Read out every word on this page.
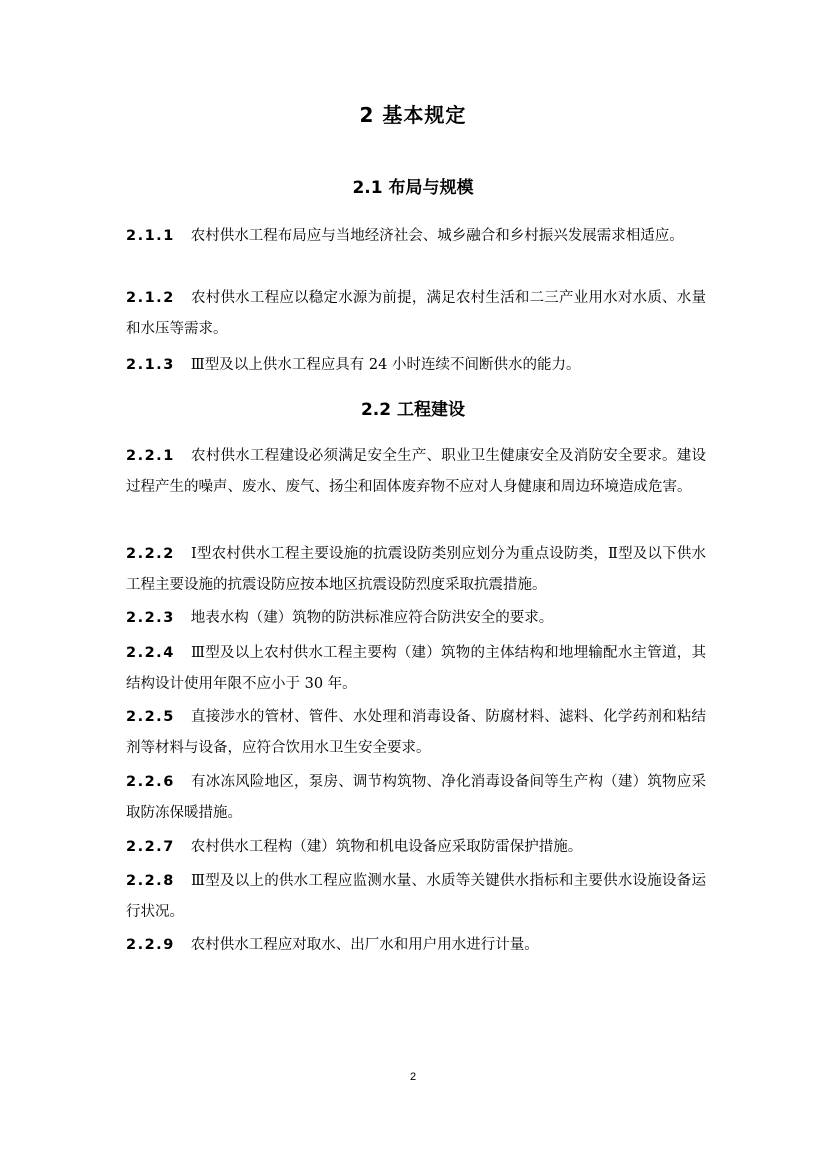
2 基本规定
2.1 布局与规模
2.1.1 农村供水工程布局应与当地经济社会、城乡融合和乡村振兴发展需求相适应。
2.1.2 农村供水工程应以稳定水源为前提，满足农村生活和二三产业用水对水质、水量和水压等需求。
2.1.3 Ⅲ型及以上供水工程应具有 24 小时连续不间断供水的能力。
2.2 工程建设
2.2.1 农村供水工程建设必须满足安全生产、职业卫生健康安全及消防安全要求。建设过程产生的噪声、废水、废气、扬尘和固体废弃物不应对人身健康和周边环境造成危害。
2.2.2 Ⅰ型农村供水工程主要设施的抗震设防类别应划分为重点设防类，Ⅱ型及以下供水工程主要设施的抗震设防应按本地区抗震设防烈度采取抗震措施。
2.2.3 地表水构（建）筑物的防洪标准应符合防洪安全的要求。
2.2.4 Ⅲ型及以上农村供水工程主要构（建）筑物的主体结构和地埋输配水主管道，其结构设计使用年限不应小于 30 年。
2.2.5 直接涉水的管材、管件、水处理和消毒设备、防腐材料、滤料、化学药剂和粘结剂等材料与设备，应符合饮用水卫生安全要求。
2.2.6 有冰冻风险地区，泵房、调节构筑物、净化消毒设备间等生产构（建）筑物应采取防冻保暖措施。
2.2.7 农村供水工程构（建）筑物和机电设备应采取防雷保护措施。
2.2.8 Ⅲ型及以上的供水工程应监测水量、水质等关键供水指标和主要供水设施设备运行状况。
2.2.9 农村供水工程应对取水、出厂水和用户用水进行计量。
2
